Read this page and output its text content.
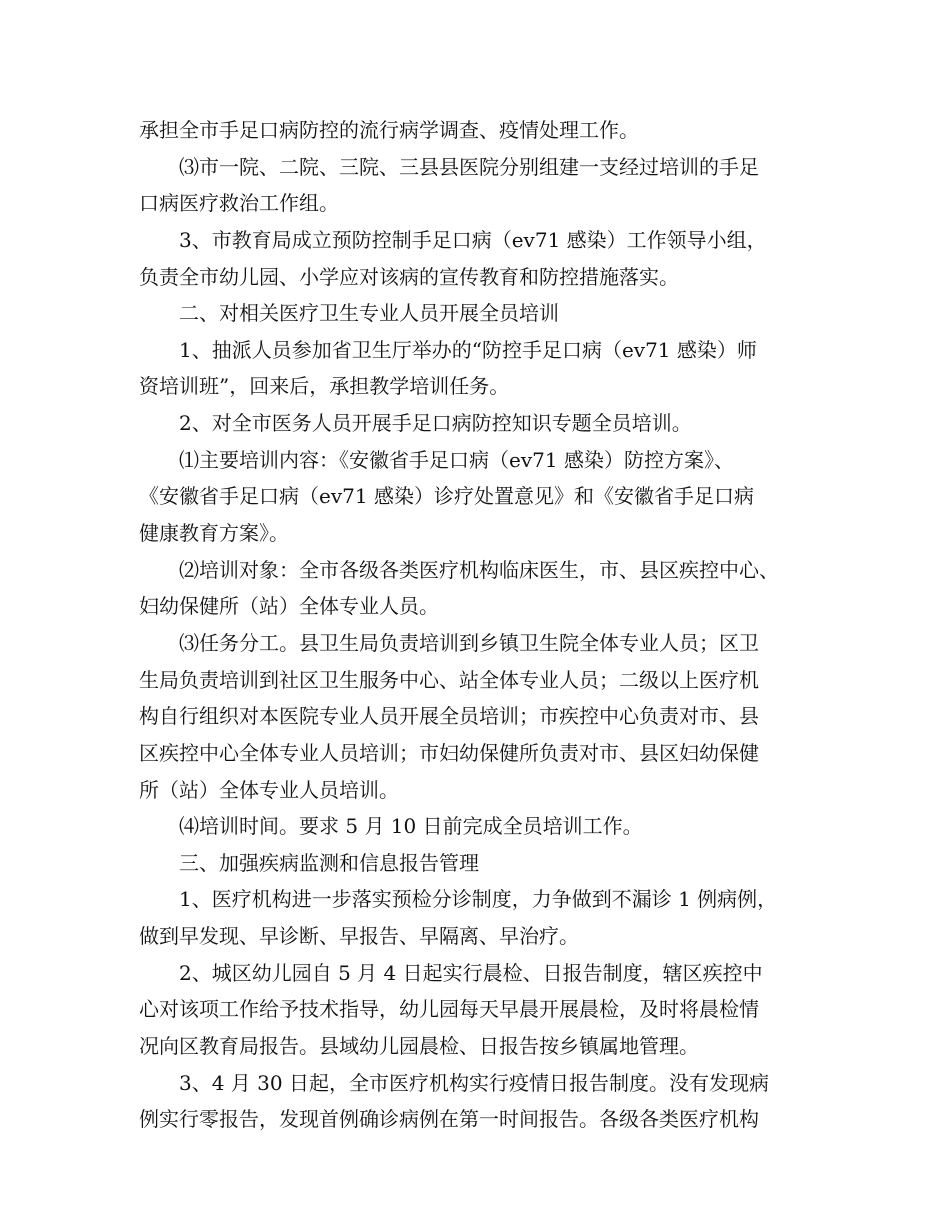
承担全市手足口病防控的流行病学调查、疫情处理工作。
⑶市一院、二院、三院、三县县医院分别组建一支经过培训的手足
口病医疗救治工作组。
3、市教育局成立预防控制手足口病（ev71 感染）工作领导小组，
负责全市幼儿园、小学应对该病的宣传教育和防控措施落实。
二、对相关医疗卫生专业人员开展全员培训
1、抽派人员参加省卫生厅举办的“防控手足口病（ev71 感染）师
资培训班”，回来后，承担教学培训任务。
2、对全市医务人员开展手足口病防控知识专题全员培训。
⑴主要培训内容：《安徽省手足口病（ev71 感染）防控方案》、
《安徽省手足口病（ev71 感染）诊疗处置意见》和《安徽省手足口病
健康教育方案》。
⑵培训对象：全市各级各类医疗机构临床医生，市、县区疾控中心、
妇幼保健所（站）全体专业人员。
⑶任务分工。县卫生局负责培训到乡镇卫生院全体专业人员；区卫
生局负责培训到社区卫生服务中心、站全体专业人员；二级以上医疗机
构自行组织对本医院专业人员开展全员培训；市疾控中心负责对市、县
区疾控中心全体专业人员培训；市妇幼保健所负责对市、县区妇幼保健
所（站）全体专业人员培训。
⑷培训时间。要求 5 月 10 日前完成全员培训工作。
三、加强疾病监测和信息报告管理
1、医疗机构进一步落实预检分诊制度，力争做到不漏诊 1 例病例，
做到早发现、早诊断、早报告、早隔离、早治疗。
2、城区幼儿园自 5 月 4 日起实行晨检、日报告制度，辖区疾控中
心对该项工作给予技术指导，幼儿园每天早晨开展晨检，及时将晨检情
况向区教育局报告。县域幼儿园晨检、日报告按乡镇属地管理。
3、4 月 30 日起，全市医疗机构实行疫情日报告制度。没有发现病
例实行零报告，发现首例确诊病例在第一时间报告。各级各类医疗机构
